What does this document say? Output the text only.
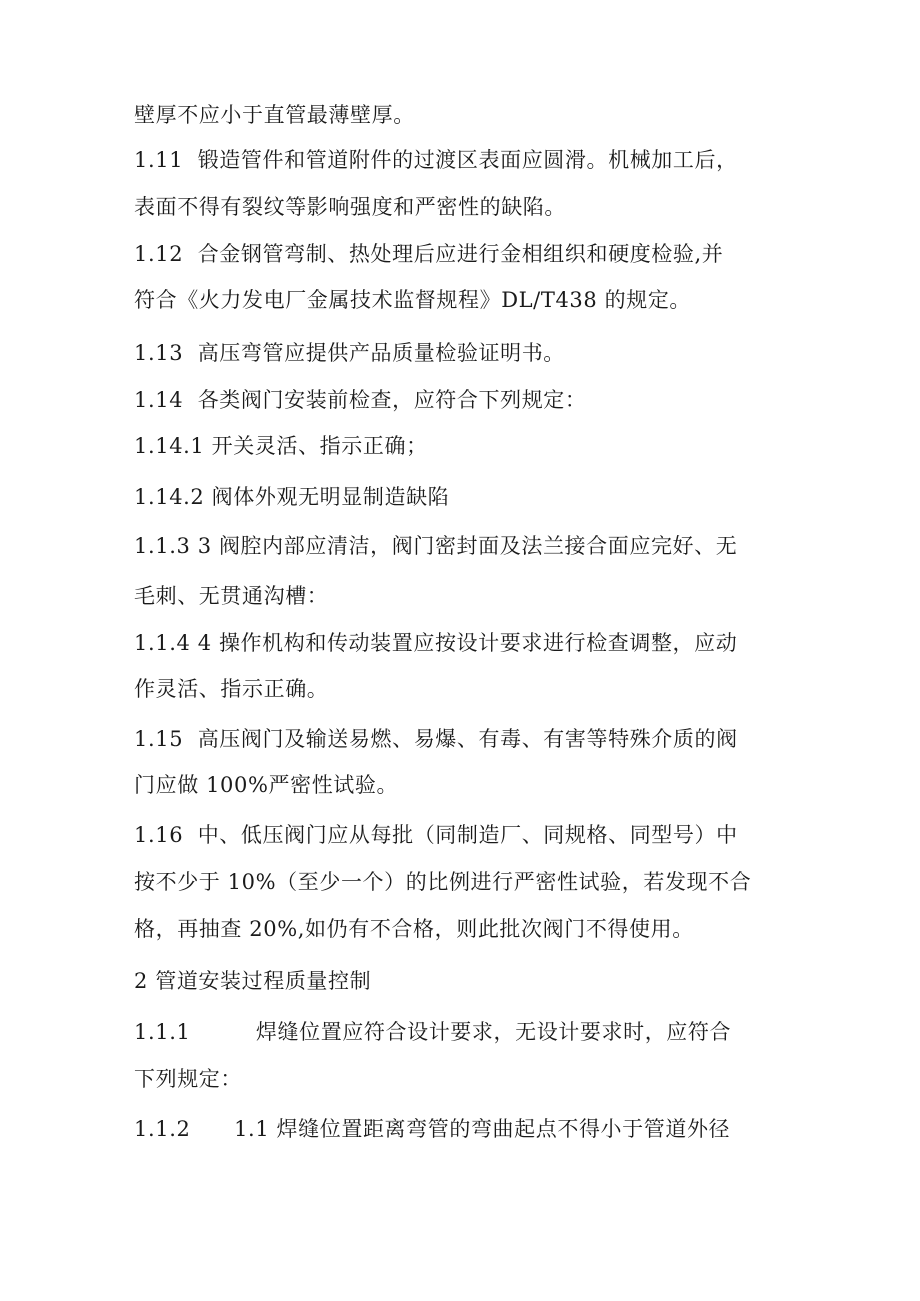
壁厚不应小于直管最薄壁厚。
1.11  锻造管件和管道附件的过渡区表面应圆滑。机械加工后，
表面不得有裂纹等影响强度和严密性的缺陷。
1.12  合金钢管弯制、热处理后应进行金相组织和硬度检验,并
符合《火力发电厂金属技术监督规程》DL/T438 的规定。
1.13  高压弯管应提供产品质量检验证明书。
1.14  各类阀门安装前检查，应符合下列规定：
1.14.1 开关灵活、指示正确；
1.14.2 阀体外观无明显制造缺陷
1.1.3 3 阀腔内部应清洁，阀门密封面及法兰接合面应完好、无
毛刺、无贯通沟槽：
1.1.4 4 操作机构和传动装置应按设计要求进行检查调整，应动
作灵活、指示正确。
1.15  高压阀门及输送易燃、易爆、有毒、有害等特殊介质的阀
门应做 100%严密性试验。
1.16  中、低压阀门应从每批（同制造厂、同规格、同型号）中
按不少于 10%（至少一个）的比例进行严密性试验，若发现不合
格，再抽查 20%,如仍有不合格，则此批次阀门不得使用。
2 管道安装过程质量控制
1.1.1         焊缝位置应符合设计要求，无设计要求时，应符合
下列规定：
1.1.2      1.1 焊缝位置距离弯管的弯曲起点不得小于管道外径
